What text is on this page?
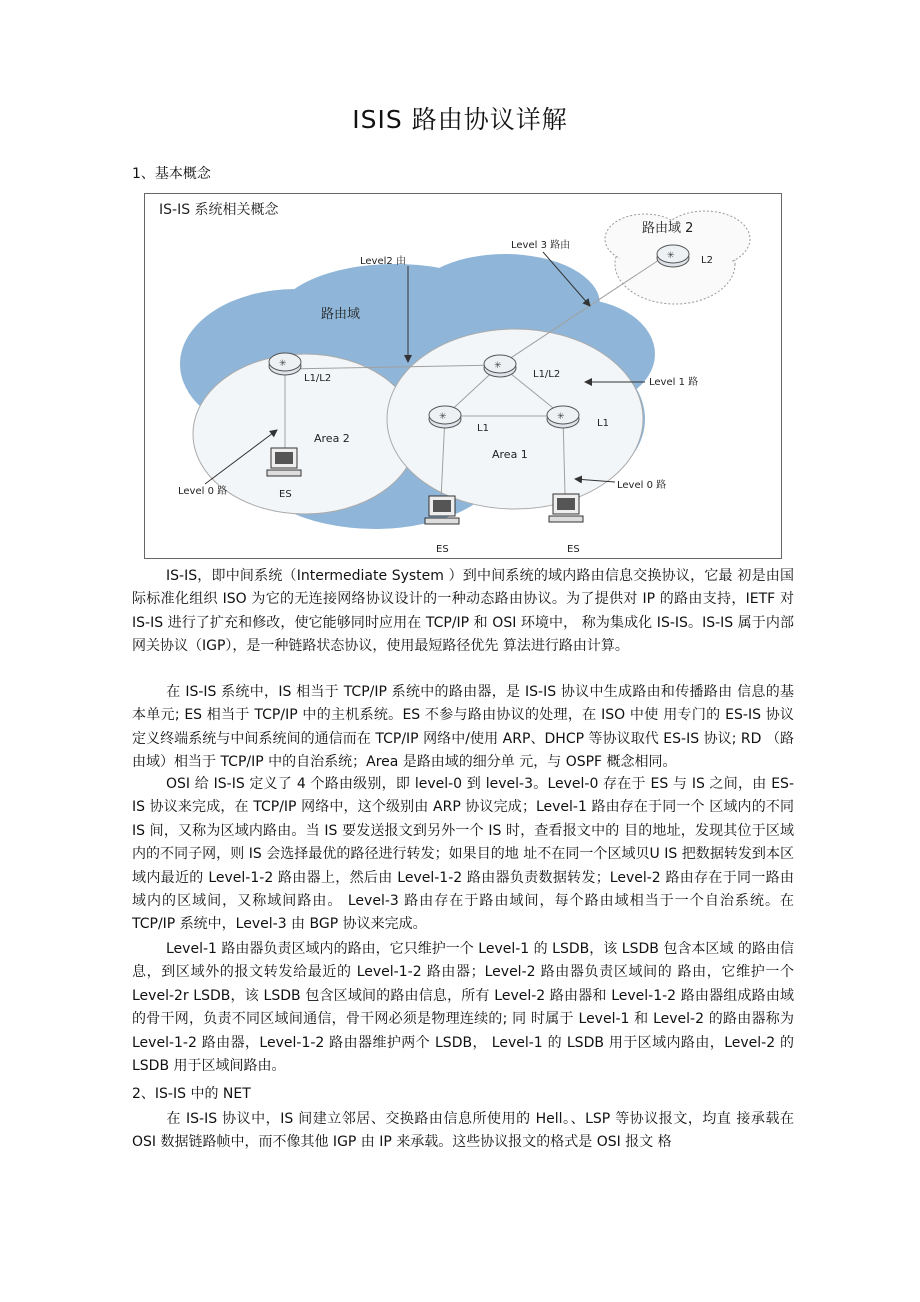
ISIS 路由协议详解
1、基本概念
✳	✳
✳	✳
✳
路由域
路由域 2
Level 3 路由
Level2 由
Level 1 路
Level 0 路
Level 0 路
L1/L2	L1/L2
L1	L1
L2
Area 2
Area 1
ES
ES	ES
IS-IS 系统相关概念

IS-IS，即中间系统（Intermediate System ）到中间系统的域内路由信息交换协议，它最 初是由国际标准化组织 ISO 为它的无连接网络协议设计的一种动态路由协议。为了提供对 IP 的路由支持，IETF 对 IS-IS 进行了扩充和修改，使它能够同时应用在 TCP/IP 和 OSI 环境中， 称为集成化 IS-IS。IS-IS 属于内部网关协议（IGP），是一种链路状态协议，使用最短路径优先 算法进行路由计算。

在 IS-IS 系统中，IS 相当于 TCP/IP 系统中的路由器，是 IS-IS 协议中生成路由和传播路由 信息的基本单元; ES 相当于 TCP/IP 中的主机系统。ES 不参与路由协议的处理，在 ISO 中使 用专门的 ES-IS 协议定义终端系统与中间系统间的通信而在 TCP/IP 网络中/使用 ARP、DHCP 等协议取代 ES-IS 协议; RD （路由域）相当于 TCP/IP 中的自治系统；Area 是路由域的细分单 元，与 OSPF 概念相同。

OSI 给 IS-IS 定义了 4 个路由级别，即 level-0 到 level-3。Level-0 存在于 ES 与 IS 之间，由 ES-IS 协议来完成，在 TCP/IP 网络中，这个级别由 ARP 协议完成；Level-1 路由存在于同一个 区域内的不同 IS 间，又称为区域内路由。当 IS 要发送报文到另外一个 IS 时，查看报文中的 目的地址，发现其位于区域内的不同子网，则 IS 会选择最优的路径进行转发；如果目的地 址不在同一个区域贝U IS 把数据转发到本区域内最近的 Level-1-2 路由器上，然后由 Level-1-2 路由器负责数据转发；Level-2 路由存在于同一路由域内的区域间，又称域间路由。 Level-3 路由存在于路由域间，每个路由域相当于一个自治系统。在 TCP/IP 系统中，Level-3 由 BGP 协议来完成。

Level-1 路由器负责区域内的路由，它只维护一个 Level-1 的 LSDB，该 LSDB 包含本区域 的路由信息，到区域外的报文转发给最近的 Level-1-2 路由器；Level-2 路由器负责区域间的 路由，它维护一个 Level-2r LSDB，该 LSDB 包含区域间的路由信息，所有 Level-2 路由器和 Level-1-2 路由器组成路由域的骨干网，负责不同区域间通信，骨干网必须是物理连续的; 同 时属于 Level-1 和 Level-2 的路由器称为 Level-1-2 路由器，Level-1-2 路由器维护两个 LSDB， Level-1 的 LSDB 用于区域内路由，Level-2 的 LSDB 用于区域间路由。

2、IS-IS 中的 NET

在 IS-IS 协议中，IS 间建立邻居、交换路由信息所使用的 Hell。、LSP 等协议报文，均直 接承载在 OSI 数据链路帧中，而不像其他 IGP 由 IP 来承载。这些协议报文的格式是 OSI 报文 格
